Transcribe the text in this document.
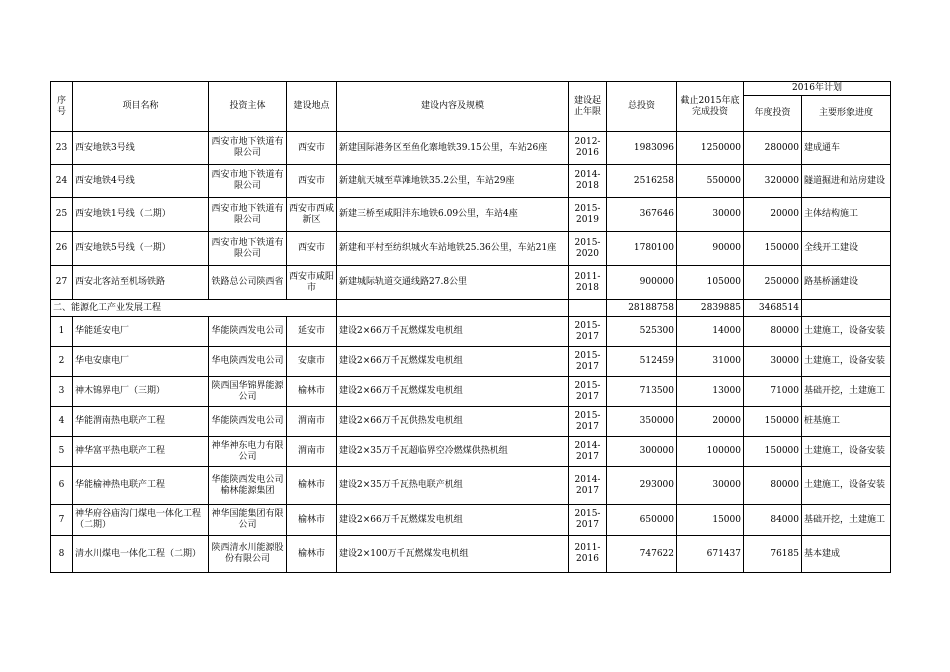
序号	项目名称	投资主体	建设地点	建设内容及规模	建设起止年限	总投资	截止2015年底完成投资	2016年计划	
								年度投资	主要形象进度
23	西安地铁3号线	西安市地下铁道有限公司	西安市	新建国际港务区至鱼化寨地铁39.15公里，车站26座	2012-2016	1983096	1250000	280000	建成通车
24	西安地铁4号线	西安市地下铁道有限公司	西安市	新建航天城至草滩地铁35.2公里，车站29座	2014-2018	2516258	550000	320000	隧道掘进和站房建设
25	西安地铁1号线（二期）	西安市地下铁道有限公司	西安市西咸新区	新建三桥至咸阳沣东地铁6.09公里，车站4座	2015-2019	367646	30000	20000	主体结构施工
26	西安地铁5号线（一期）	西安市地下铁道有限公司	西安市	新建和平村至纺织城火车站地铁25.36公里，车站21座	2015-2020	1780100	90000	150000	全线开工建设
27	西安北客站至机场铁路	铁路总公司陕西省	西安市咸阳市	新建城际轨道交通线路27.8公里	2011-2018	900000	105000	250000	路基桥涵建设
二、能源化工产业发展工程						28188758	2839885	3468514	
1	华能延安电厂	华能陕西发电公司	延安市	建设2×66万千瓦燃煤发电机组	2015-2017	525300	14000	80000	土建施工，设备安装
2	华电安康电厂	华电陕西发电公司	安康市	建设2×66万千瓦燃煤发电机组	2015-2017	512459	31000	30000	土建施工，设备安装
3	神木锦界电厂（三期）	陕西国华锦界能源公司	榆林市	建设2×66万千瓦燃煤发电机组	2015-2017	713500	13000	71000	基础开挖，土建施工
4	华能渭南热电联产工程	华能陕西发电公司	渭南市	建设2×66万千瓦供热发电机组	2015-2017	350000	20000	150000	桩基施工
5	神华富平热电联产工程	神华神东电力有限公司	渭南市	建设2×35万千瓦超临界空冷燃煤供热机组	2014-2017	300000	100000	150000	土建施工，设备安装
6	华能榆神热电联产工程	华能陕西发电公司 榆林能源集团	榆林市	建设2×35万千瓦热电联产机组	2014-2017	293000	30000	80000	土建施工，设备安装
7	神华府谷庙沟门煤电一体化工程（二期）	神华国能集团有限公司	榆林市	建设2×66万千瓦燃煤发电机组	2015-2017	650000	15000	84000	基础开挖，土建施工
8	清水川煤电一体化工程（二期）	陕西清水川能源股份有限公司	榆林市	建设2×100万千瓦燃煤发电机组	2011-2016	747622	671437	76185	基本建成
